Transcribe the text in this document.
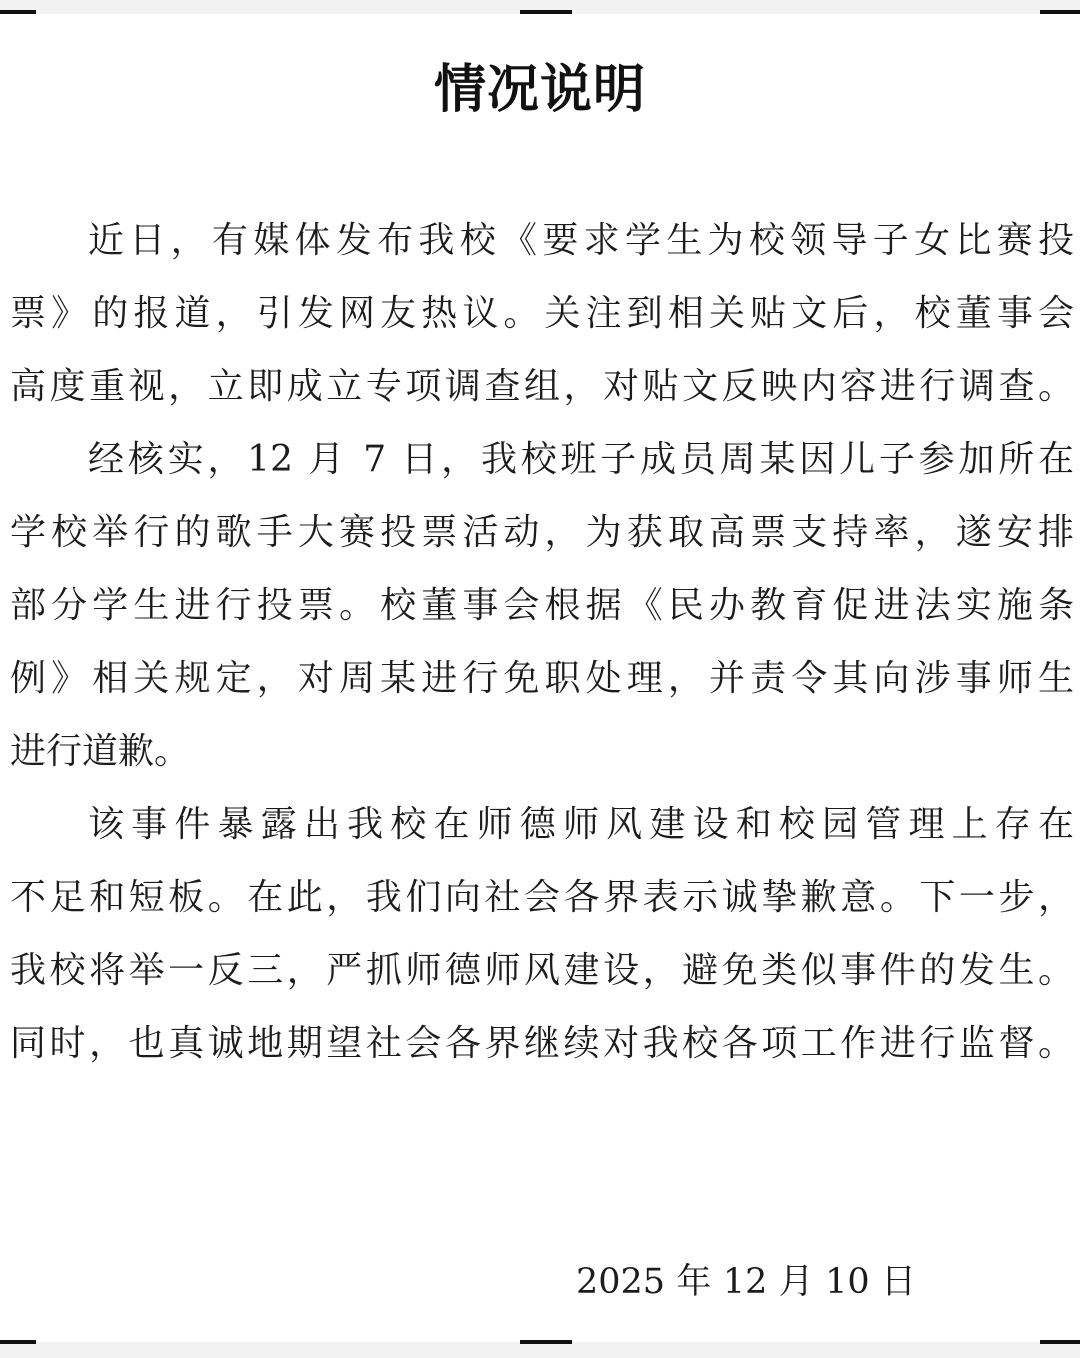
情况说明
近日，有媒体发布我校《要求学生为校领导子女比赛投
票》的报道，引发网友热议。关注到相关贴文后，校董事会
高度重视，立即成立专项调查组，对贴文反映内容进行调查。
经核实，12 月 7 日，我校班子成员周某因儿子参加所在
学校举行的歌手大赛投票活动，为获取高票支持率，遂安排
部分学生进行投票。校董事会根据《民办教育促进法实施条
例》相关规定，对周某进行免职处理，并责令其向涉事师生
进行道歉。
该事件暴露出我校在师德师风建设和校园管理上存在
不足和短板。在此，我们向社会各界表示诚挚歉意。下一步，
我校将举一反三，严抓师德师风建设，避免类似事件的发生。
同时，也真诚地期望社会各界继续对我校各项工作进行监督。
2025 年 12 月 10 日
